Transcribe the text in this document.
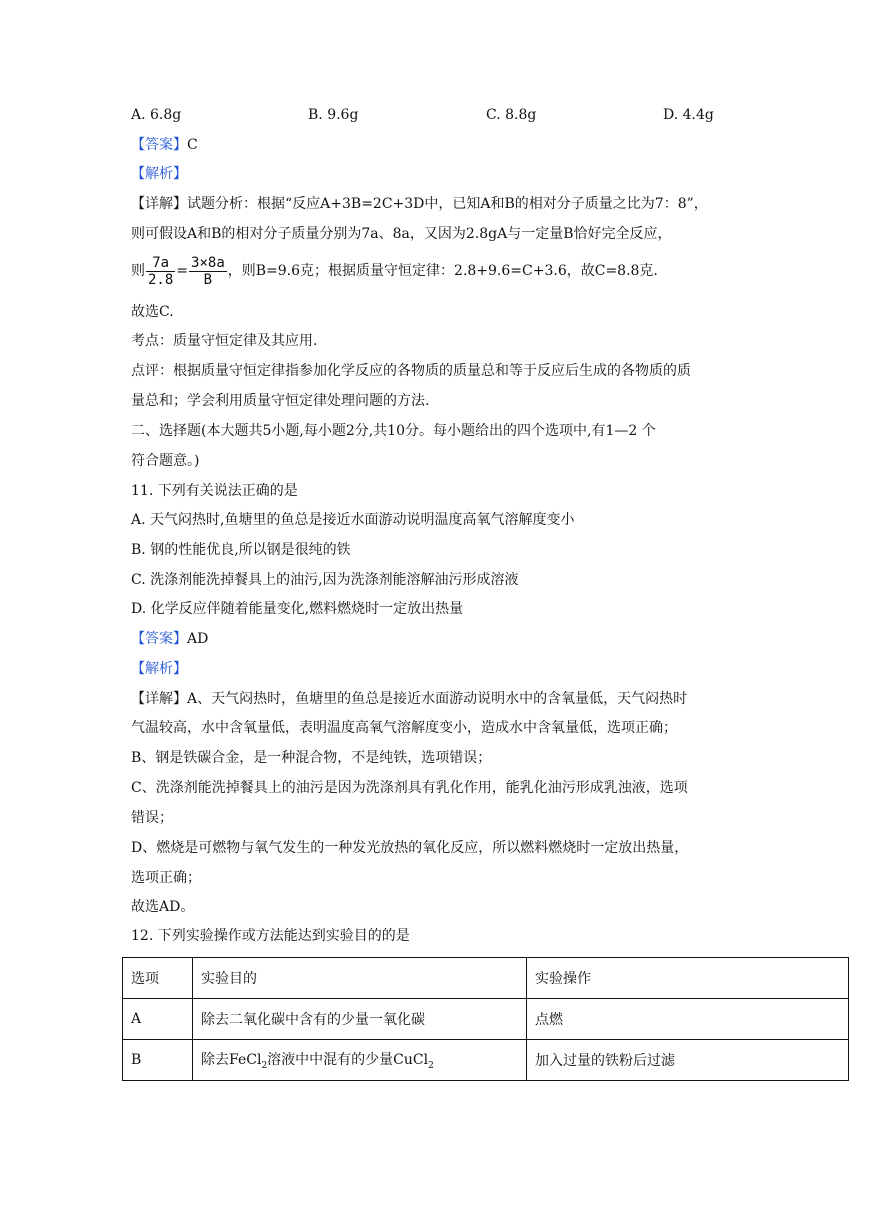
A. 6.8g	B. 9.6g	C. 8.8g	D. 4.4g
【答案】C
【解析】
【详解】试题分析：根据“反应A+3B=2C+3D中，已知A和B的相对分子质量之比为7：8”，
则可假设A和B的相对分子质量分别为7a、8a，又因为2.8gA与一定量B恰好完全反应，
则 $\frac{7a}{2.8} = \frac{3\times 8a}{B}$ ，则B=9.6克；根据质量守恒定律：2.8+9.6=C+3.6，故C=8.8克.
故选C.
考点：质量守恒定律及其应用.
点评：根据质量守恒定律指参加化学反应的各物质的质量总和等于反应后生成的各物质的质
量总和；学会利用质量守恒定律处理问题的方法.
二、选择题(本大题共5小题,每小题2分,共10分。每小题给出的四个选项中,有1—2 个
符合题意。)
11. 下列有关说法正确的是
A. 天气闷热时,鱼塘里的鱼总是接近水面游动说明温度高氧气溶解度变小
B. 钢的性能优良,所以钢是很纯的铁
C. 洗涤剂能洗掉餐具上的油污,因为洗涤剂能溶解油污形成溶液
D. 化学反应伴随着能量变化,燃料燃烧时一定放出热量
【答案】AD
【解析】
【详解】A、天气闷热时，鱼塘里的鱼总是接近水面游动说明水中的含氧量低，天气闷热时
气温较高，水中含氧量低，表明温度高氧气溶解度变小，造成水中含氧量低，选项正确；
B、钢是铁碳合金，是一种混合物，不是纯铁，选项错误；
C、洗涤剂能洗掉餐具上的油污是因为洗涤剂具有乳化作用，能乳化油污形成乳浊液，选项
错误；
D、燃烧是可燃物与氧气发生的一种发光放热的氧化反应，所以燃料燃烧时一定放出热量，
选项正确；
故选AD。
12. 下列实验操作或方法能达到实验目的的是
选项	实验目的	实验操作
A	除去二氧化碳中含有的少量一氧化碳	点燃
B	除去FeCl$_2$溶液中中混有的少量CuCl$_2$	加入过量的铁粉后过滤
